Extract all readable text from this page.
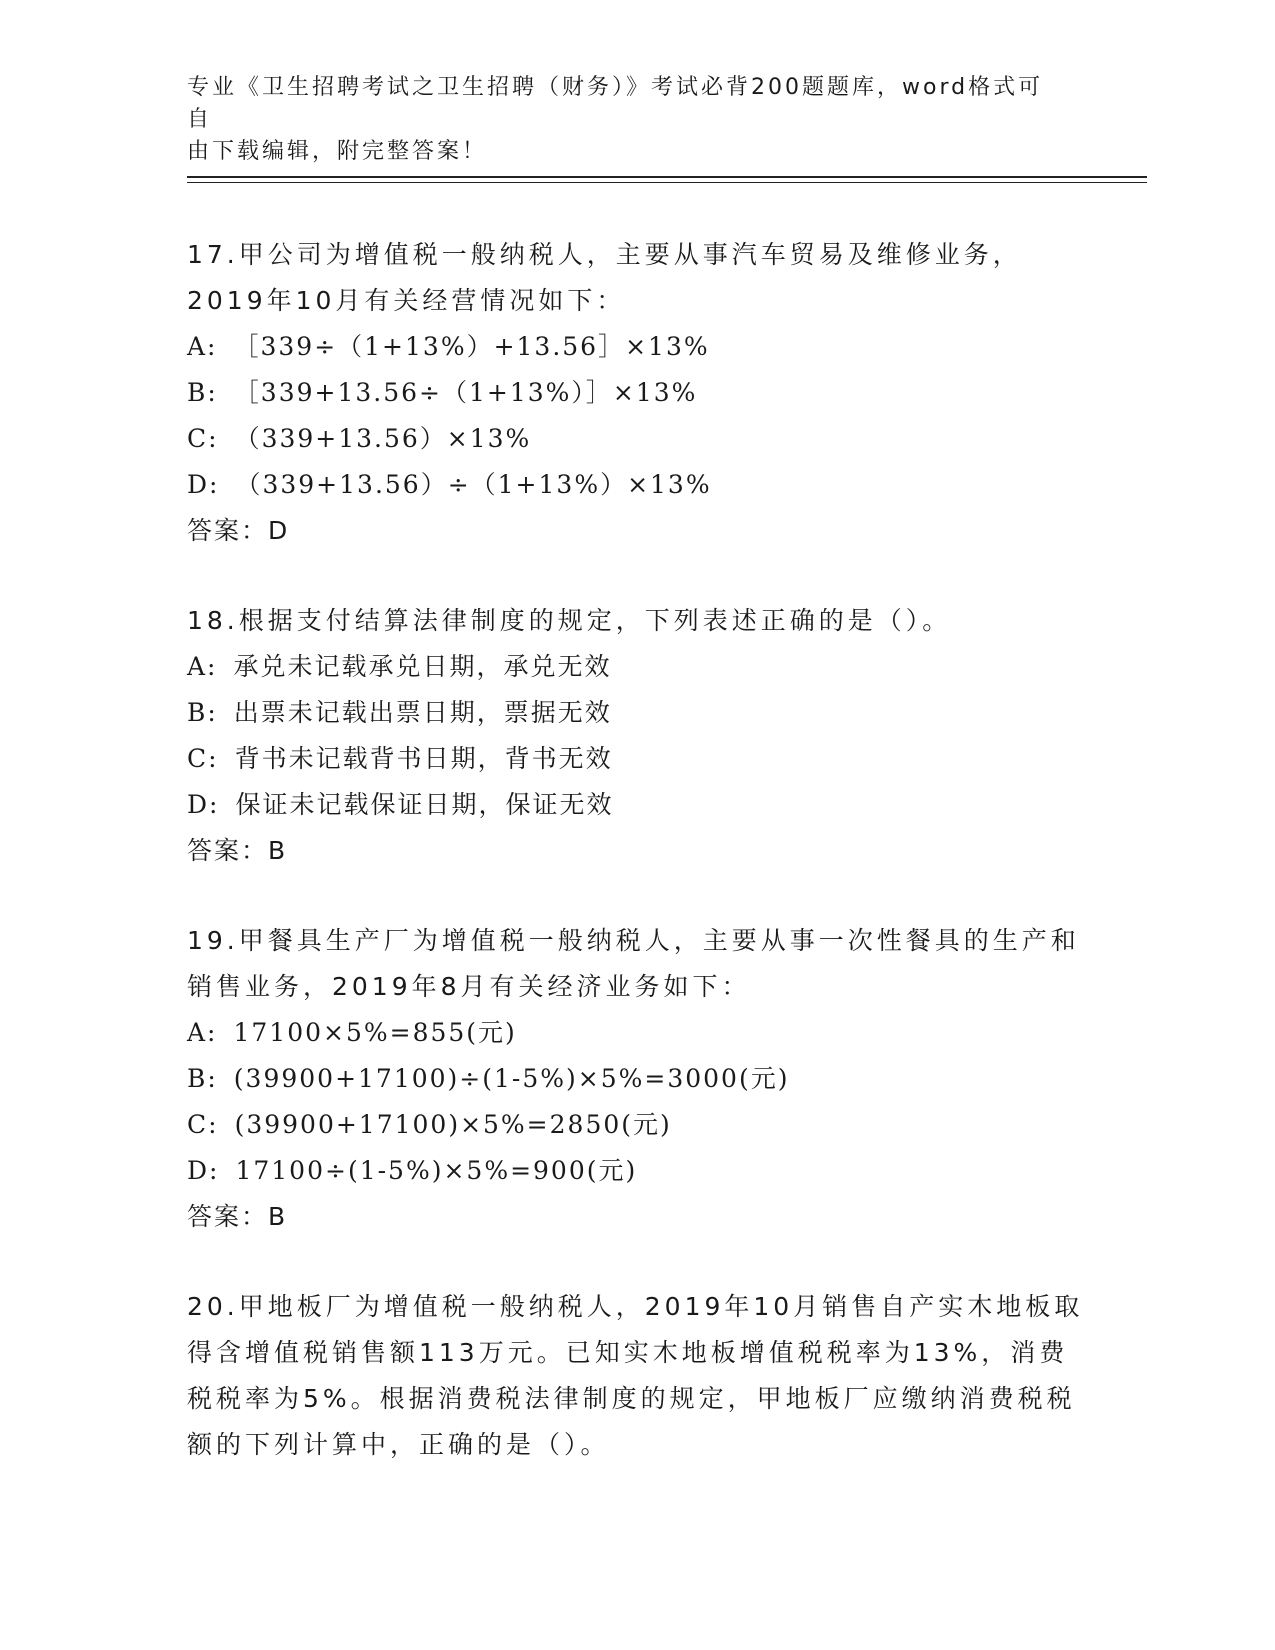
专业《卫生招聘考试之卫生招聘（财务）》考试必背200题题库，word格式可自
由下载编辑，附完整答案！
17.甲公司为增值税一般纳税人，主要从事汽车贸易及维修业务，2019年10月有关经营情况如下：
A: ［339÷（1+13%）+13.56］×13%
B: ［339+13.56÷（1+13%）］×13%
C: （339+13.56）×13%
D: （339+13.56）÷（1+13%）×13%
答案：D
18.根据支付结算法律制度的规定，下列表述正确的是（）。
A: 承兑未记载承兑日期，承兑无效
B: 出票未记载出票日期，票据无效
C: 背书未记载背书日期，背书无效
D: 保证未记载保证日期，保证无效
答案：B
19.甲餐具生产厂为增值税一般纳税人，主要从事一次性餐具的生产和销售业务，2019年8月有关经济业务如下：
A: 17100×5%=855(元)
B: (39900+17100)÷(1-5%)×5%=3000(元)
C: (39900+17100)×5%=2850(元)
D: 17100÷(1-5%)×5%=900(元)
答案：B
20.甲地板厂为增值税一般纳税人，2019年10月销售自产实木地板取得含增值税销售额113万元。已知实木地板增值税税率为13%，消费税税率为5%。根据消费税法律制度的规定，甲地板厂应缴纳消费税税额的下列计算中，正确的是（）。
